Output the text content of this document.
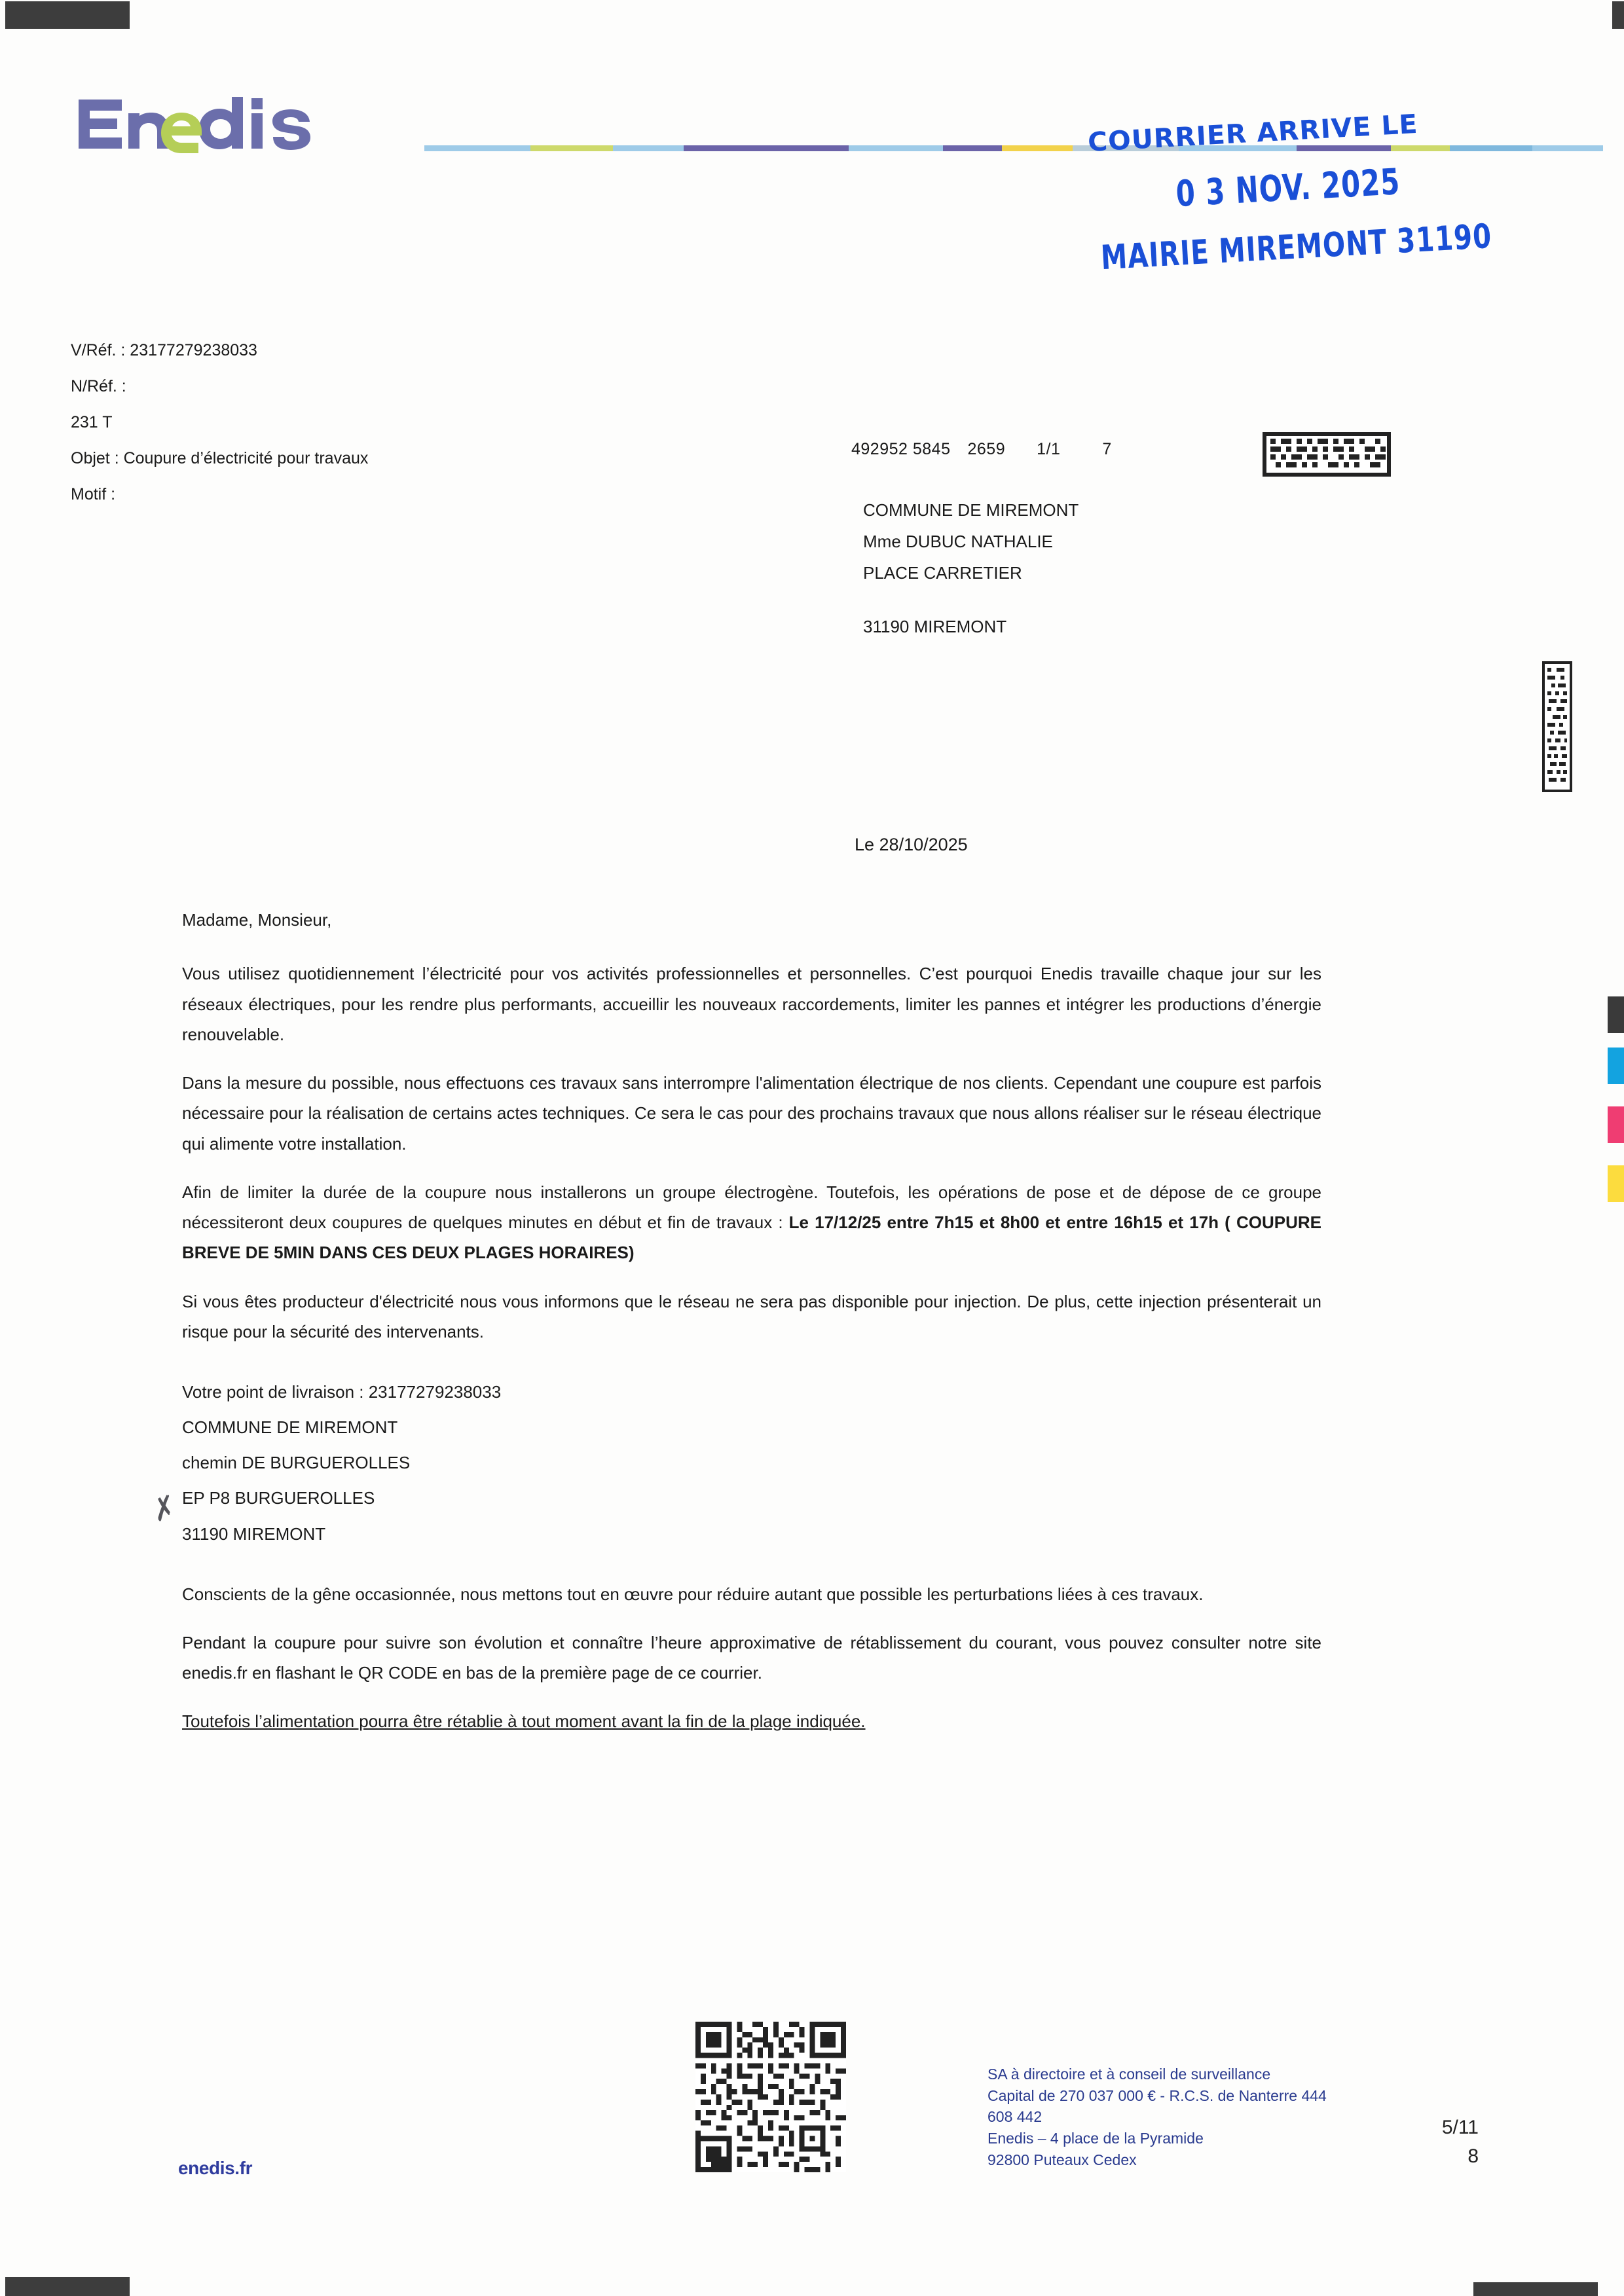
COURRIER ARRIVE LE
0 3 NOV. 2025
MAIRIE MIREMONT 31190
V/Réf. : 23177279238033
N/Réf. :
231 T
Objet : Coupure d’électricité pour travaux
Motif :
492952 5845 2659 1/1	7
COMMUNE DE MIREMONT
Mme DUBUC NATHALIE
PLACE CARRETIER
31190 MIREMONT
Le 28/10/2025

Madame, Monsieur,

Vous utilisez quotidiennement l’électricité pour vos activités professionnelles et personnelles. C’est pourquoi Enedis travaille chaque jour sur les réseaux électriques, pour les rendre plus performants, accueillir les nouveaux raccordements, limiter les pannes et intégrer les productions d’énergie renouvelable.

Dans la mesure du possible, nous effectuons ces travaux sans interrompre l'alimentation électrique de nos clients. Cependant une coupure est parfois nécessaire pour la réalisation de certains actes techniques. Ce sera le cas pour des prochains travaux que nous allons réaliser sur le réseau électrique qui alimente votre installation.

Afin de limiter la durée de la coupure nous installerons un groupe électrogène. Toutefois, les opérations de pose et de dépose de ce groupe nécessiteront deux coupures de quelques minutes en début et fin de travaux : Le 17/12/25 entre 7h15 et 8h00 et entre 16h15 et 17h ( COUPURE BREVE DE 5MIN DANS CES DEUX PLAGES HORAIRES)

Si vous êtes producteur d'électricité nous vous informons que le réseau ne sera pas disponible pour injection. De plus, cette injection présenterait un risque pour la sécurité des intervenants.

Votre point de livraison : 23177279238033
COMMUNE DE MIREMONT
chemin DE BURGUEROLLES
✗ EP P8 BURGUEROLLES
31190 MIREMONT

Conscients de la gêne occasionnée, nous mettons tout en œuvre pour réduire autant que possible les perturbations liées à ces travaux.

Pendant la coupure pour suivre son évolution et connaître l’heure approximative de rétablissement du courant, vous pouvez consulter notre site enedis.fr en flashant le QR CODE en bas de la première page de ce courrier.

Toutefois l’alimentation pourra être rétablie à tout moment avant la fin de la plage indiquée.

SA à directoire et à conseil de surveillance
Capital de 270 037 000 € - R.C.S. de Nanterre 444
608 442
Enedis – 4 place de la Pyramide
92800 Puteaux Cedex
5/11
8
enedis.fr
